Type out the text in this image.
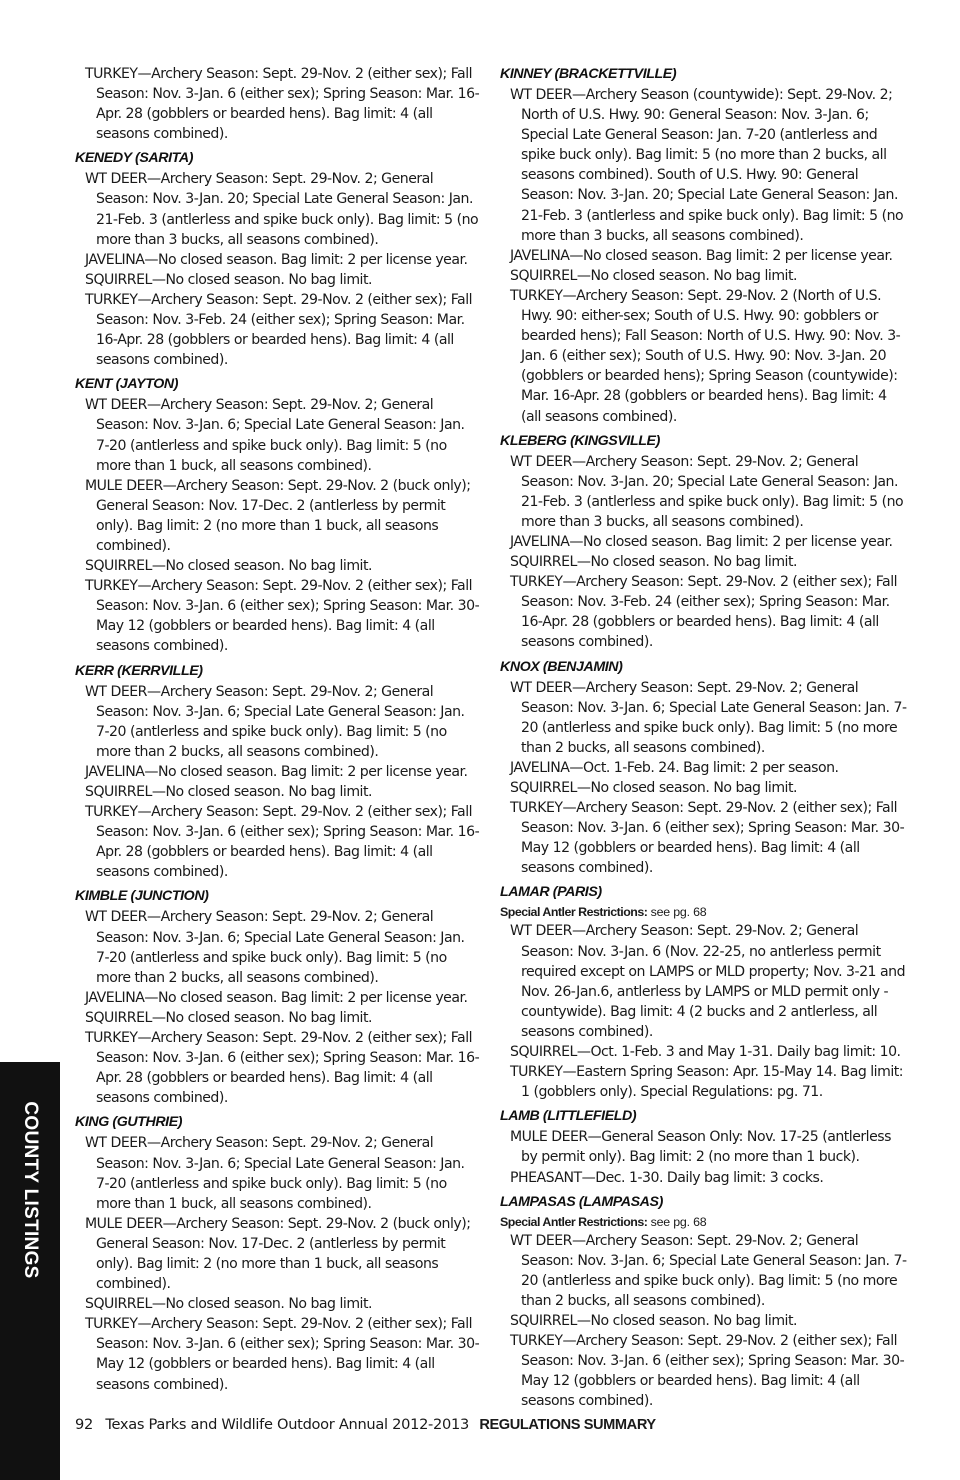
COUNTY LISTINGS
TURKEY—Archery Season: Sept. 29-Nov. 2 (either sex); Fall Season: Nov. 3-Jan. 6 (either sex); Spring Season: Mar. 16-Apr. 28 (gobblers or bearded hens). Bag limit: 4 (all seasons combined).
KENEDY (SARITA)
WT DEER—Archery Season: Sept. 29-Nov. 2; General Season: Nov. 3-Jan. 20; Special Late General Season: Jan. 21-Feb. 3 (antlerless and spike buck only). Bag limit: 5 (no more than 3 bucks, all seasons combined).
JAVELINA—No closed season. Bag limit: 2 per license year.
SQUIRREL—No closed season. No bag limit.
TURKEY—Archery Season: Sept. 29-Nov. 2 (either sex); Fall Season: Nov. 3-Feb. 24 (either sex); Spring Season: Mar. 16-Apr. 28 (gobblers or bearded hens). Bag limit: 4 (all seasons combined).
KENT (JAYTON)
WT DEER—Archery Season: Sept. 29-Nov. 2; General Season: Nov. 3-Jan. 6; Special Late General Season: Jan. 7-20 (antlerless and spike buck only). Bag limit: 5 (no more than 1 buck, all seasons combined).
MULE DEER—Archery Season: Sept. 29-Nov. 2 (buck only); General Season: Nov. 17-Dec. 2 (antlerless by permit only). Bag limit: 2 (no more than 1 buck, all seasons combined).
SQUIRREL—No closed season. No bag limit.
TURKEY—Archery Season: Sept. 29-Nov. 2 (either sex); Fall Season: Nov. 3-Jan. 6 (either sex); Spring Season: Mar. 30-May 12 (gobblers or bearded hens). Bag limit: 4 (all seasons combined).
KERR (KERRVILLE)
WT DEER—Archery Season: Sept. 29-Nov. 2; General Season: Nov. 3-Jan. 6; Special Late General Season: Jan. 7-20 (antlerless and spike buck only). Bag limit: 5 (no more than 2 bucks, all seasons combined).
JAVELINA—No closed season. Bag limit: 2 per license year.
SQUIRREL—No closed season. No bag limit.
TURKEY—Archery Season: Sept. 29-Nov. 2 (either sex); Fall Season: Nov. 3-Jan. 6 (either sex); Spring Season: Mar. 16-Apr. 28 (gobblers or bearded hens). Bag limit: 4 (all seasons combined).
KIMBLE (JUNCTION)
WT DEER—Archery Season: Sept. 29-Nov. 2; General Season: Nov. 3-Jan. 6; Special Late General Season: Jan. 7-20 (antlerless and spike buck only). Bag limit: 5 (no more than 2 bucks, all seasons combined).
JAVELINA—No closed season. Bag limit: 2 per license year.
SQUIRREL—No closed season. No bag limit.
TURKEY—Archery Season: Sept. 29-Nov. 2 (either sex); Fall Season: Nov. 3-Jan. 6 (either sex); Spring Season: Mar. 16-Apr. 28 (gobblers or bearded hens). Bag limit: 4 (all seasons combined).
KING (GUTHRIE)
WT DEER—Archery Season: Sept. 29-Nov. 2; General Season: Nov. 3-Jan. 6; Special Late General Season: Jan. 7-20 (antlerless and spike buck only). Bag limit: 5 (no more than 1 buck, all seasons combined).
MULE DEER—Archery Season: Sept. 29-Nov. 2 (buck only); General Season: Nov. 17-Dec. 2 (antlerless by permit only). Bag limit: 2 (no more than 1 buck, all seasons combined).
SQUIRREL—No closed season. No bag limit.
TURKEY—Archery Season: Sept. 29-Nov. 2 (either sex); Fall Season: Nov. 3-Jan. 6 (either sex); Spring Season: Mar. 30-May 12 (gobblers or bearded hens). Bag limit: 4 (all seasons combined).
KINNEY (BRACKETTVILLE)
WT DEER—Archery Season (countywide): Sept. 29-Nov. 2; North of U.S. Hwy. 90: General Season: Nov. 3-Jan. 6; Special Late General Season: Jan. 7-20 (antlerless and spike buck only). Bag limit: 5 (no more than 2 bucks, all seasons combined). South of U.S. Hwy. 90: General Season: Nov. 3-Jan. 20; Special Late General Season: Jan. 21-Feb. 3 (antlerless and spike buck only). Bag limit: 5 (no more than 3 bucks, all seasons combined).
JAVELINA—No closed season. Bag limit: 2 per license year.
SQUIRREL—No closed season. No bag limit.
TURKEY—Archery Season: Sept. 29-Nov. 2 (North of U.S. Hwy. 90: either-sex; South of U.S. Hwy. 90: gobblers or bearded hens); Fall Season: North of U.S. Hwy. 90: Nov. 3-Jan. 6 (either sex); South of U.S. Hwy. 90: Nov. 3-Jan. 20 (gobblers or bearded hens); Spring Season (countywide): Mar. 16-Apr. 28 (gobblers or bearded hens). Bag limit: 4 (all seasons combined).
KLEBERG (KINGSVILLE)
WT DEER—Archery Season: Sept. 29-Nov. 2; General Season: Nov. 3-Jan. 20; Special Late General Season: Jan. 21-Feb. 3 (antlerless and spike buck only). Bag limit: 5 (no more than 3 bucks, all seasons combined).
JAVELINA—No closed season. Bag limit: 2 per license year.
SQUIRREL—No closed season. No bag limit.
TURKEY—Archery Season: Sept. 29-Nov. 2 (either sex); Fall Season: Nov. 3-Feb. 24 (either sex); Spring Season: Mar. 16-Apr. 28 (gobblers or bearded hens). Bag limit: 4 (all seasons combined).
KNOX (BENJAMIN)
WT DEER—Archery Season: Sept. 29-Nov. 2; General Season: Nov. 3-Jan. 6; Special Late General Season: Jan. 7-20 (antlerless and spike buck only). Bag limit: 5 (no more than 2 bucks, all seasons combined).
JAVELINA—Oct. 1-Feb. 24. Bag limit: 2 per season.
SQUIRREL—No closed season. No bag limit.
TURKEY—Archery Season: Sept. 29-Nov. 2 (either sex); Fall Season: Nov. 3-Jan. 6 (either sex); Spring Season: Mar. 30-May 12 (gobblers or bearded hens). Bag limit: 4 (all seasons combined).
LAMAR (PARIS)
Special Antler Restrictions: see pg. 68
WT DEER—Archery Season: Sept. 29-Nov. 2; General Season: Nov. 3-Jan. 6 (Nov. 22-25, no antlerless permit required except on LAMPS or MLD property; Nov. 3-21 and Nov. 26-Jan.6, antlerless by LAMPS or MLD permit only - countywide). Bag limit: 4 (2 bucks and 2 antlerless, all seasons combined).
SQUIRREL—Oct. 1-Feb. 3 and May 1-31. Daily bag limit: 10.
TURKEY—Eastern Spring Season: Apr. 15-May 14. Bag limit: 1 (gobblers only). Special Regulations: pg. 71.
LAMB (LITTLEFIELD)
MULE DEER—General Season Only: Nov. 17-25 (antlerless by permit only). Bag limit: 2 (no more than 1 buck).
PHEASANT—Dec. 1-30. Daily bag limit: 3 cocks.
LAMPASAS (LAMPASAS)
Special Antler Restrictions: see pg. 68
WT DEER—Archery Season: Sept. 29-Nov. 2; General Season: Nov. 3-Jan. 6; Special Late General Season: Jan. 7-20 (antlerless and spike buck only). Bag limit: 5 (no more than 2 bucks, all seasons combined).
SQUIRREL—No closed season. No bag limit.
TURKEY—Archery Season: Sept. 29-Nov. 2 (either sex); Fall Season: Nov. 3-Jan. 6 (either sex); Spring Season: Mar. 30-May 12 (gobblers or bearded hens). Bag limit: 4 (all seasons combined).
92 Texas Parks and Wildlife Outdoor Annual 2012-2013 REGULATIONS SUMMARY
